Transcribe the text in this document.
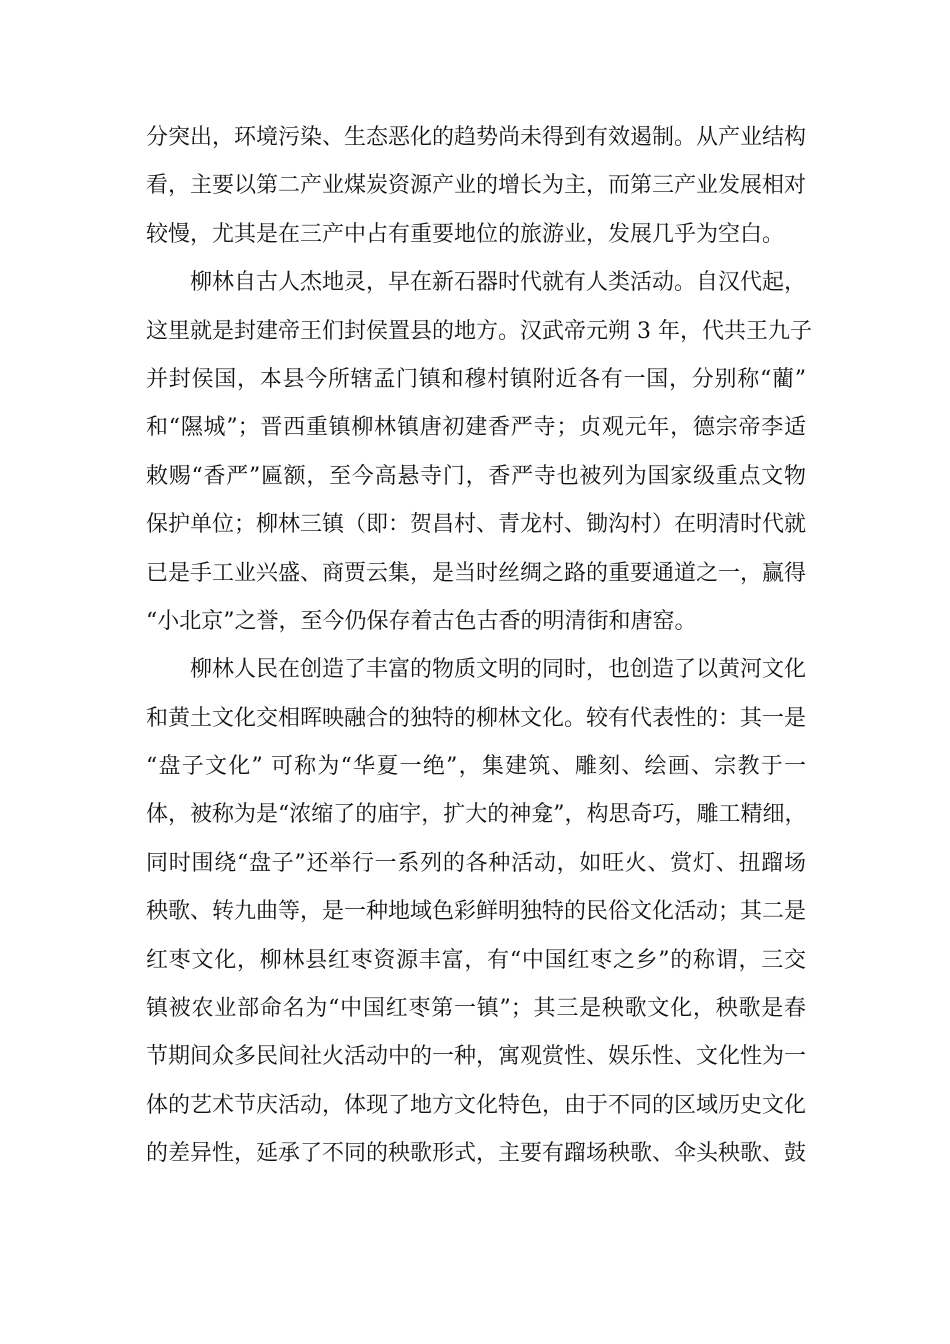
分突出，环境污染、生态恶化的趋势尚未得到有效遏制。从产业结构
看，主要以第二产业煤炭资源产业的增长为主，而第三产业发展相对
较慢，尤其是在三产中占有重要地位的旅游业，发展几乎为空白。
柳林自古人杰地灵，早在新石器时代就有人类活动。自汉代起，
这里就是封建帝王们封侯置县的地方。汉武帝元朔 3 年，代共王九子
并封侯国，本县今所辖孟门镇和穆村镇附近各有一国，分别称“藺”
和“隰城”；晋西重镇柳林镇唐初建香严寺；贞观元年，德宗帝李适
敕赐“香严”匾额，至今高悬寺门，香严寺也被列为国家级重点文物
保护单位；柳林三镇（即：贺昌村、青龙村、锄沟村）在明清时代就
已是手工业兴盛、商贾云集，是当时丝绸之路的重要通道之一，赢得
“小北京”之誉，至今仍保存着古色古香的明清街和唐窑。
柳林人民在创造了丰富的物质文明的同时，也创造了以黄河文化
和黄土文化交相晖映融合的独特的柳林文化。较有代表性的：其一是
“盘子文化” 可称为“华夏一绝”，集建筑、雕刻、绘画、宗教于一
体，被称为是“浓缩了的庙宇，扩大的神龛”，构思奇巧，雕工精细，
同时围绕“盘子”还举行一系列的各种活动，如旺火、赏灯、扭蹓场
秧歌、转九曲等，是一种地域色彩鲜明独特的民俗文化活动；其二是
红枣文化，柳林县红枣资源丰富，有“中国红枣之乡”的称谓，三交
镇被农业部命名为“中国红枣第一镇”；其三是秧歌文化，秧歌是春
节期间众多民间社火活动中的一种，寓观赏性、娱乐性、文化性为一
体的艺术节庆活动，体现了地方文化特色，由于不同的区域历史文化
的差异性，延承了不同的秧歌形式，主要有蹓场秧歌、伞头秧歌、鼓
